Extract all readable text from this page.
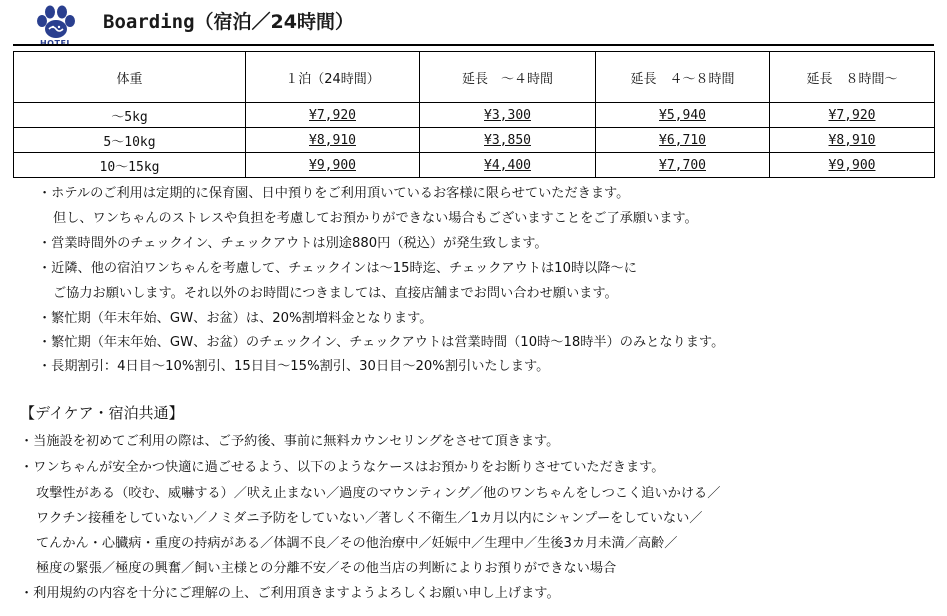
Boarding（宿泊／24時間）
体重	１泊（24時間）	延長　～４時間	延長　４～８時間	延長　８時間～
～5kg	¥7,920	¥3,300	¥5,940	¥7,920
5～10kg	¥8,910	¥3,850	¥6,710	¥8,910
10～15kg	¥9,900	¥4,400	¥7,700	¥9,900
・ホテルのご利用は定期的に保育園、日中預りをご利用頂いているお客様に限らせていただきます。
但し、ワンちゃんのストレスや負担を考慮してお預かりができない場合もございますことをご了承願います。
・営業時間外のチェックイン、チェックアウトは別途880円（税込）が発生致します。
・近隣、他の宿泊ワンちゃんを考慮して、チェックインは～15時迄、チェックアウトは10時以降～に
ご協力お願いします。それ以外のお時間につきましては、直接店舗までお問い合わせ願います。
・繁忙期（年末年始、GW、お盆）は、20%割増料金となります。
・繁忙期（年末年始、GW、お盆）のチェックイン、チェックアウトは営業時間（10時～18時半）のみとなります。
・長期割引：4日目～10%割引、15日目～15%割引、30日目～20%割引いたします。
【デイケア・宿泊共通】
・当施設を初めてご利用の際は、ご予約後、事前に無料カウンセリングをさせて頂きます。
・ワンちゃんが安全かつ快適に過ごせるよう、以下のようなケースはお預かりをお断りさせていただきます。
攻撃性がある（咬む、威嚇する）／吠え止まない／過度のマウンティング／他のワンちゃんをしつこく追いかける／
ワクチン接種をしていない／ノミダニ予防をしていない／著しく不衛生／1カ月以内にシャンプーをしていない／
てんかん・心臓病・重度の持病がある／体調不良／その他治療中／妊娠中／生理中／生後3カ月未満／高齢／
極度の緊張／極度の興奮／飼い主様との分離不安／その他当店の判断によりお預りができない場合
・利用規約の内容を十分にご理解の上、ご利用頂きますようよろしくお願い申し上げます。
